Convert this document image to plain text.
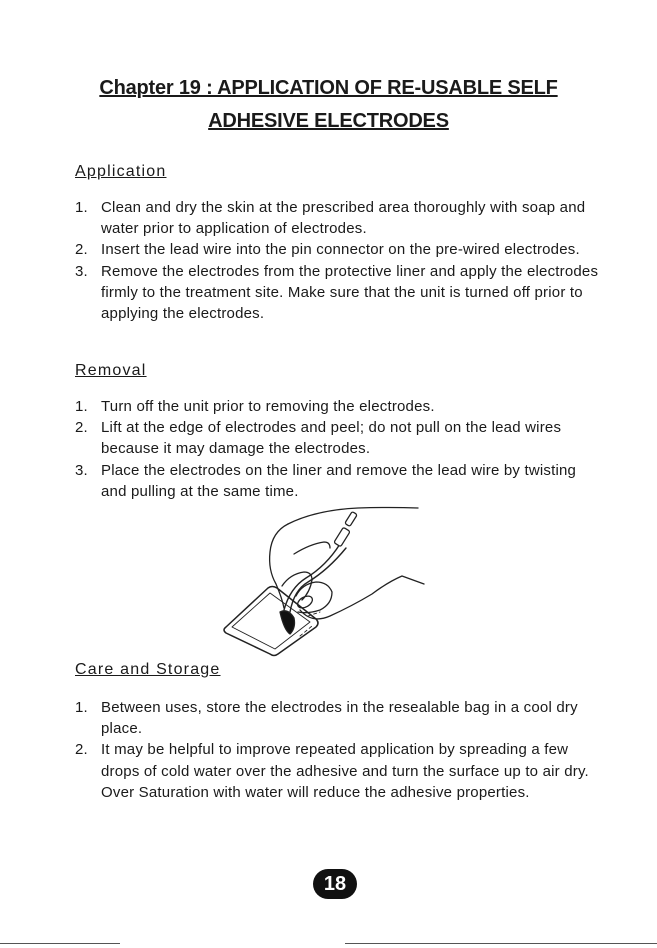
Chapter 19 : APPLICATION OF RE-USABLE SELF
ADHESIVE ELECTRODES
Application
1. Clean and dry the skin at the prescribed area thoroughly with soap and water prior to application of electrodes.
2. Insert the lead wire into the pin connector on the pre-wired electrodes.
3. Remove the electrodes from the protective liner and apply the electrodes firmly to the treatment site. Make sure that the unit is turned off prior to applying the electrodes.
Removal
1. Turn off the unit prior to removing the electrodes.
2. Lift at the edge of electrodes and peel; do not pull on the lead wires because it may damage the electrodes.
3. Place the electrodes on the liner and remove the lead wire by twisting and pulling at the same time.
Care and Storage
1. Between uses, store the electrodes in the resealable bag in a cool dry place.
2. It may be helpful to improve repeated application by spreading a few drops of cold water over the adhesive and turn the surface up to air dry. Over Saturation with water will reduce the adhesive properties.
18
